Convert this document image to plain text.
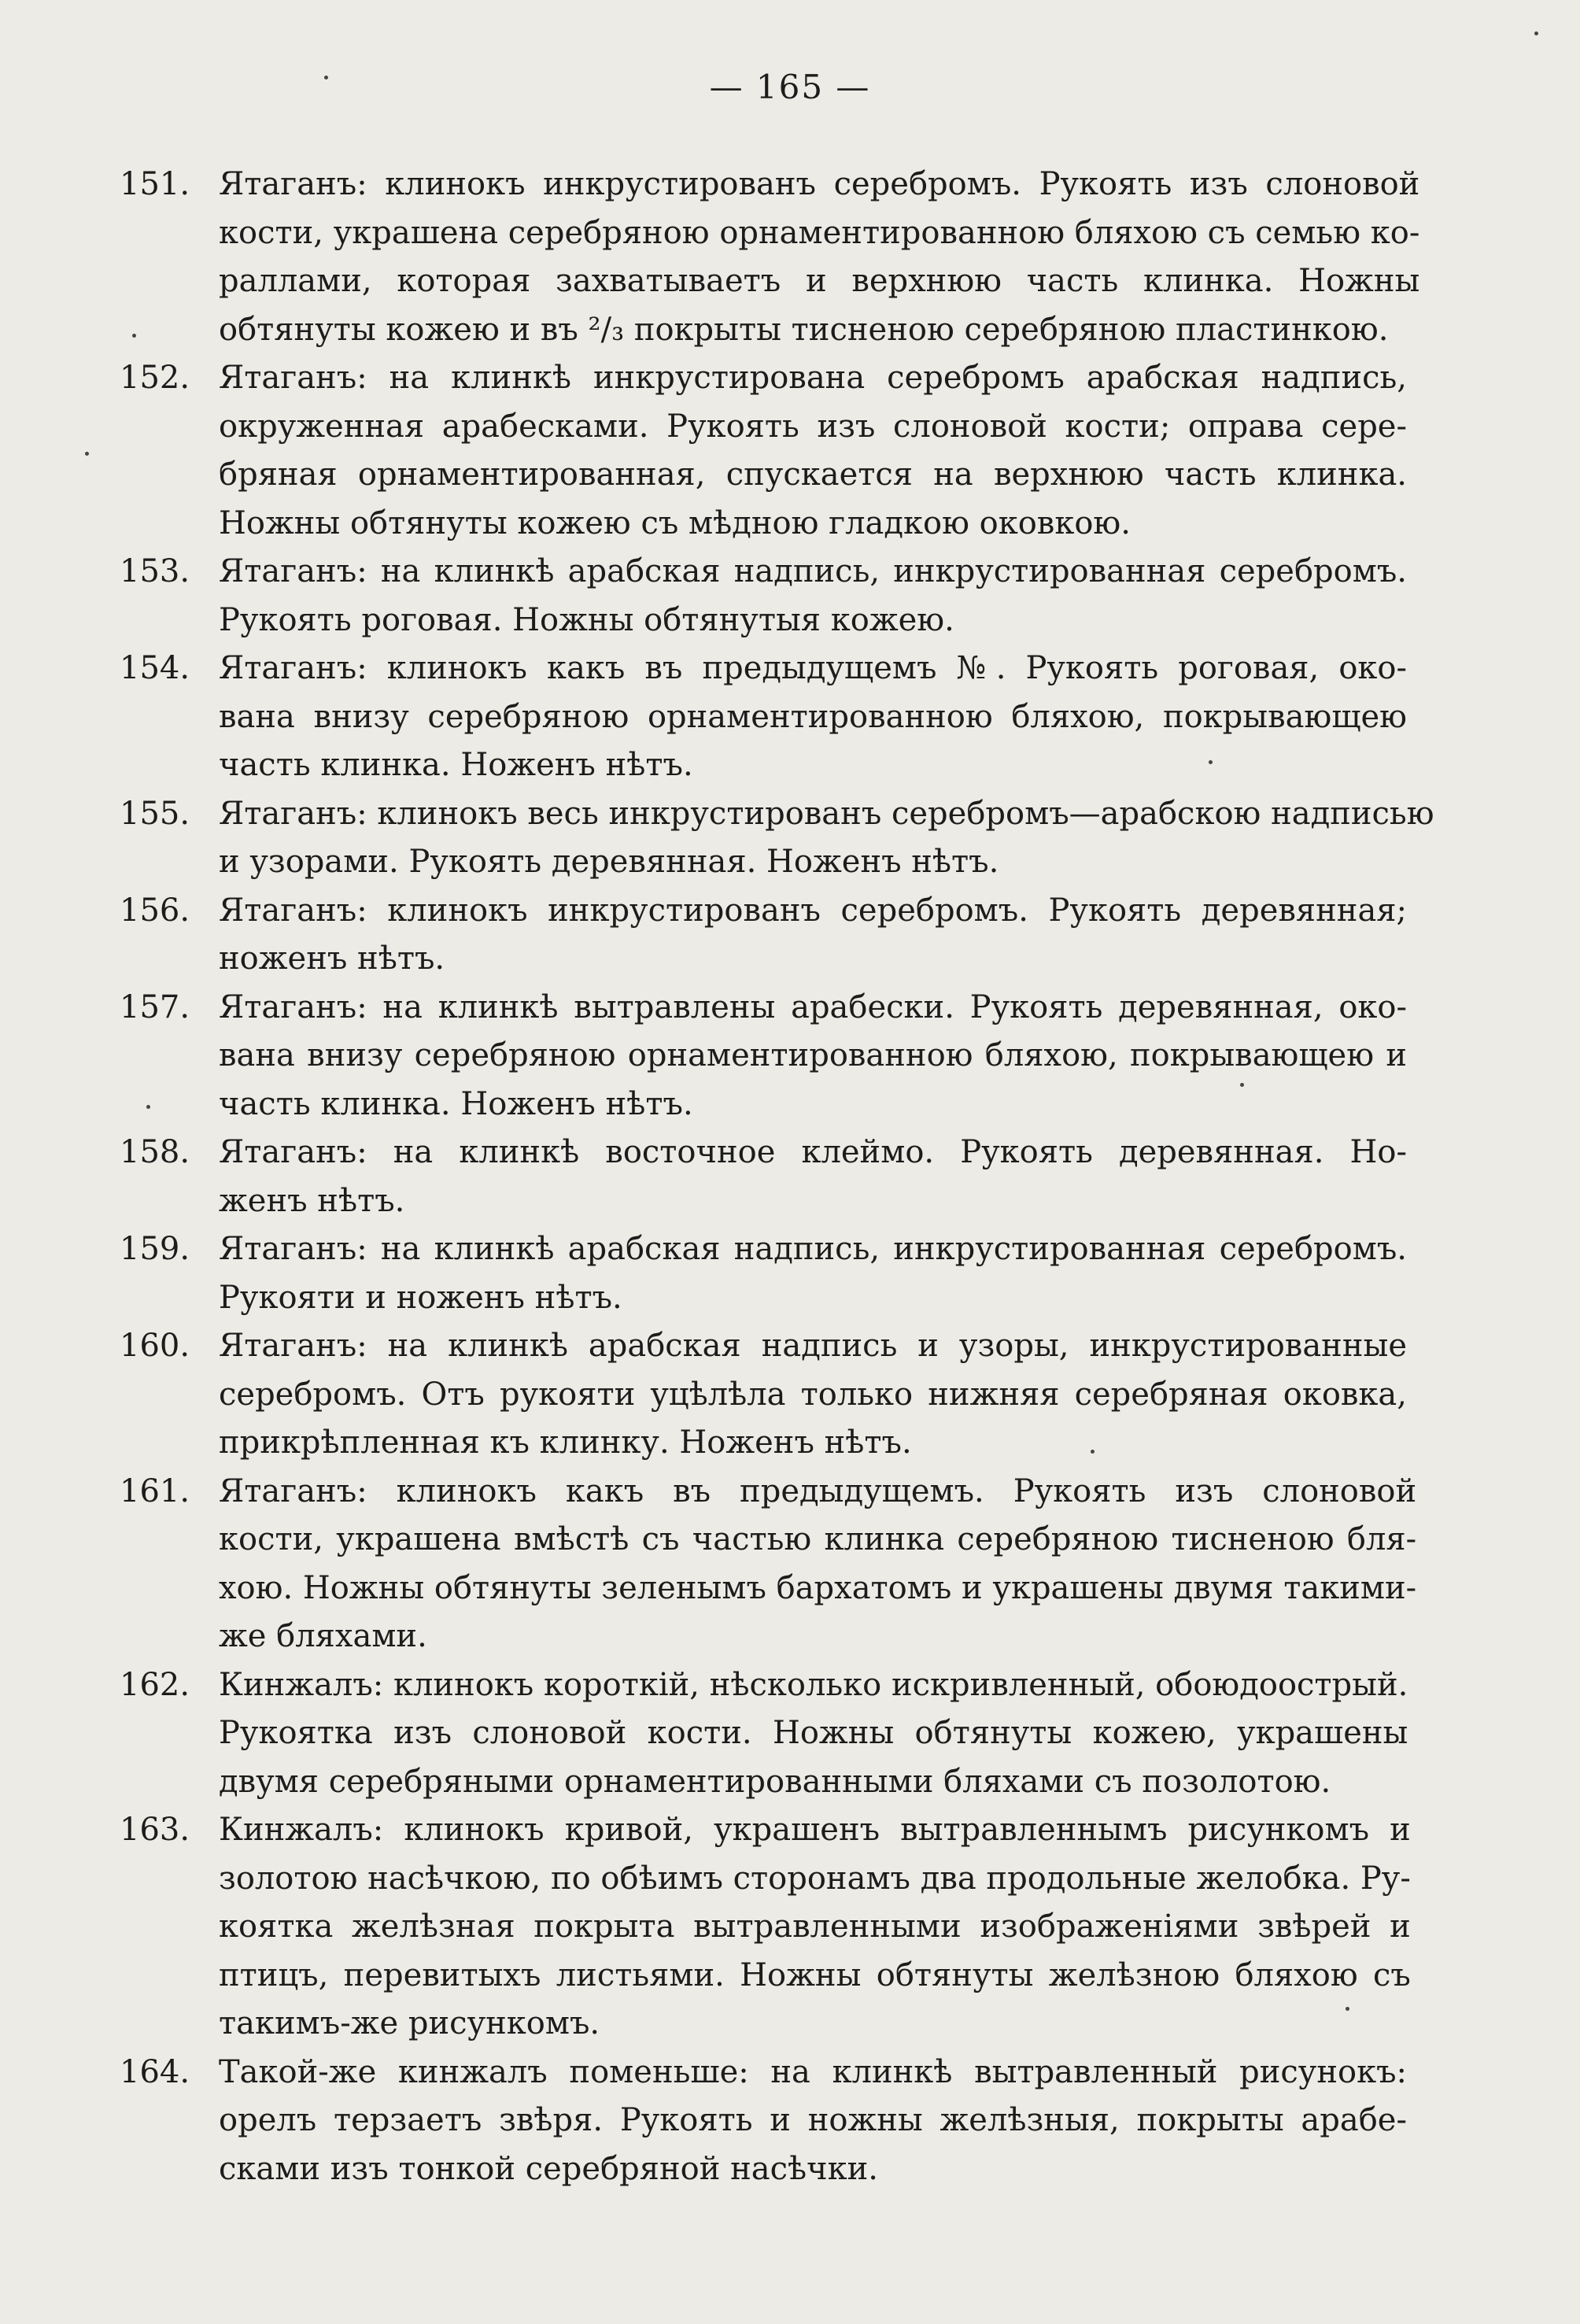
— 165 —
151. Ятаганъ: клинокъ инкрустированъ серебромъ. Рукоять изъ слоновой
кости, украшена серебряною орнаментированною бляхою съ семью ко-
раллами, которая захватываетъ и верхнюю часть клинка. Ножны
обтянуты кожею и въ ²/₃ покрыты тисненою серебряною пластинкою.
152. Ятаганъ: на клинкѣ инкрустирована серебромъ арабская надпись,
окруженная арабесками. Рукоять изъ слоновой кости; оправа сере-
бряная орнаментированная, спускается на верхнюю часть клинка.
Ножны обтянуты кожею съ мѣдною гладкою оковкою.
153. Ятаганъ: на клинкѣ арабская надпись, инкрустированная серебромъ.
Рукоять роговая. Ножны обтянутыя кожею.
154. Ятаганъ: клинокъ какъ въ предыдущемъ №. Рукоять роговая, око-
вана внизу серебряною орнаментированною бляхою, покрывающею
часть клинка. Ноженъ нѣтъ.
155. Ятаганъ: клинокъ весь инкрустированъ серебромъ—арабскою надписью
и узорами. Рукоять деревянная. Ноженъ нѣтъ.
156. Ятаганъ: клинокъ инкрустированъ серебромъ. Рукоять деревянная;
ноженъ нѣтъ.
157. Ятаганъ: на клинкѣ вытравлены арабески. Рукоять деревянная, око-
вана внизу серебряною орнаментированною бляхою, покрывающею и
часть клинка. Ноженъ нѣтъ.
158. Ятаганъ: на клинкѣ восточное клеймо. Рукоять деревянная. Но-
женъ нѣтъ.
159. Ятаганъ: на клинкѣ арабская надпись, инкрустированная серебромъ.
Рукояти и ноженъ нѣтъ.
160. Ятаганъ: на клинкѣ арабская надпись и узоры, инкрустированные
серебромъ. Отъ рукояти уцѣлѣла только нижняя серебряная оковка,
прикрѣпленная къ клинку. Ноженъ нѣтъ.
161. Ятаганъ: клинокъ какъ въ предыдущемъ. Рукоять изъ слоновой
кости, украшена вмѣстѣ съ частью клинка серебряною тисненою бля-
хою. Ножны обтянуты зеленымъ бархатомъ и украшены двумя такими-
же бляхами.
162. Кинжалъ: клинокъ короткій, нѣсколько искривленный, обоюдоострый.
Рукоятка изъ слоновой кости. Ножны обтянуты кожею, украшены
двумя серебряными орнаментированными бляхами съ позолотою.
163. Кинжалъ: клинокъ кривой, украшенъ вытравленнымъ рисункомъ и
золотою насѣчкою, по обѣимъ сторонамъ два продольные желобка. Ру-
коятка желѣзная покрыта вытравленными изображеніями звѣрей и
птицъ, перевитыхъ листьями. Ножны обтянуты желѣзною бляхою съ
такимъ-же рисункомъ.
164. Такой-же кинжалъ поменьше: на клинкѣ вытравленный рисунокъ:
орелъ терзаетъ звѣря. Рукоять и ножны желѣзныя, покрыты арабе-
сками изъ тонкой серебряной насѣчки.
